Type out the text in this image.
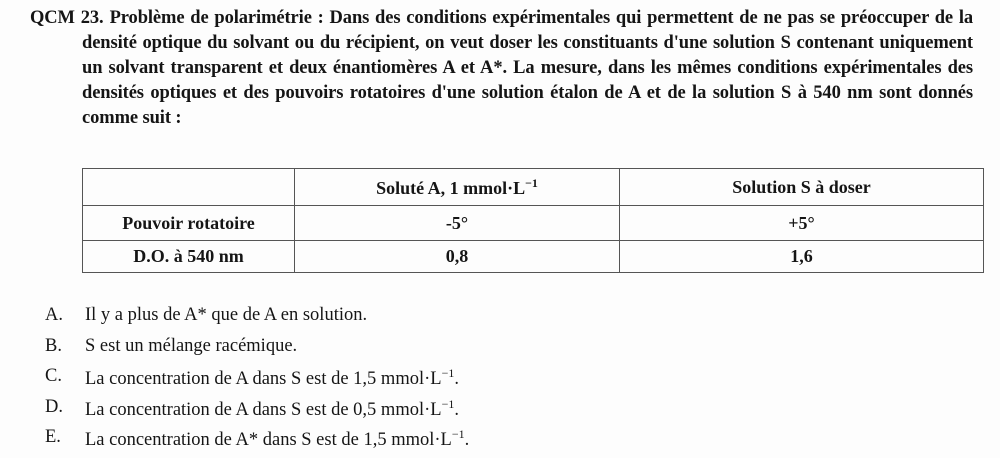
QCM 23. Problème de polarimétrie : Dans des conditions expérimentales qui permettent de ne pas se préoccuper de la densité optique du solvant ou du récipient, on veut doser les constituants d'une solution S contenant uniquement un solvant transparent et deux énantiomères A et A*. La mesure, dans les mêmes conditions expérimentales des densités optiques et des pouvoirs rotatoires d'une solution étalon de A et de la solution S à 540 nm sont donnés comme suit :

	Soluté A, 1 $mmol\cdot L^{-1}$	Solution S à doser
Pouvoir rotatoire	-5°	+5°
D.O. à 540 nm	0,8	1,6
A.	Il y a plus de A* que de A en solution.
B.	S est un mélange racémique.
C.	La concentration de A dans S est de 1,5 $mmol\cdot L^{-1}$.
D.	La concentration de A dans S est de 0,5 $mmol\cdot L^{-1}$.
E.	La concentration de A* dans S est de 1,5 $mmol\cdot L^{-1}$.
